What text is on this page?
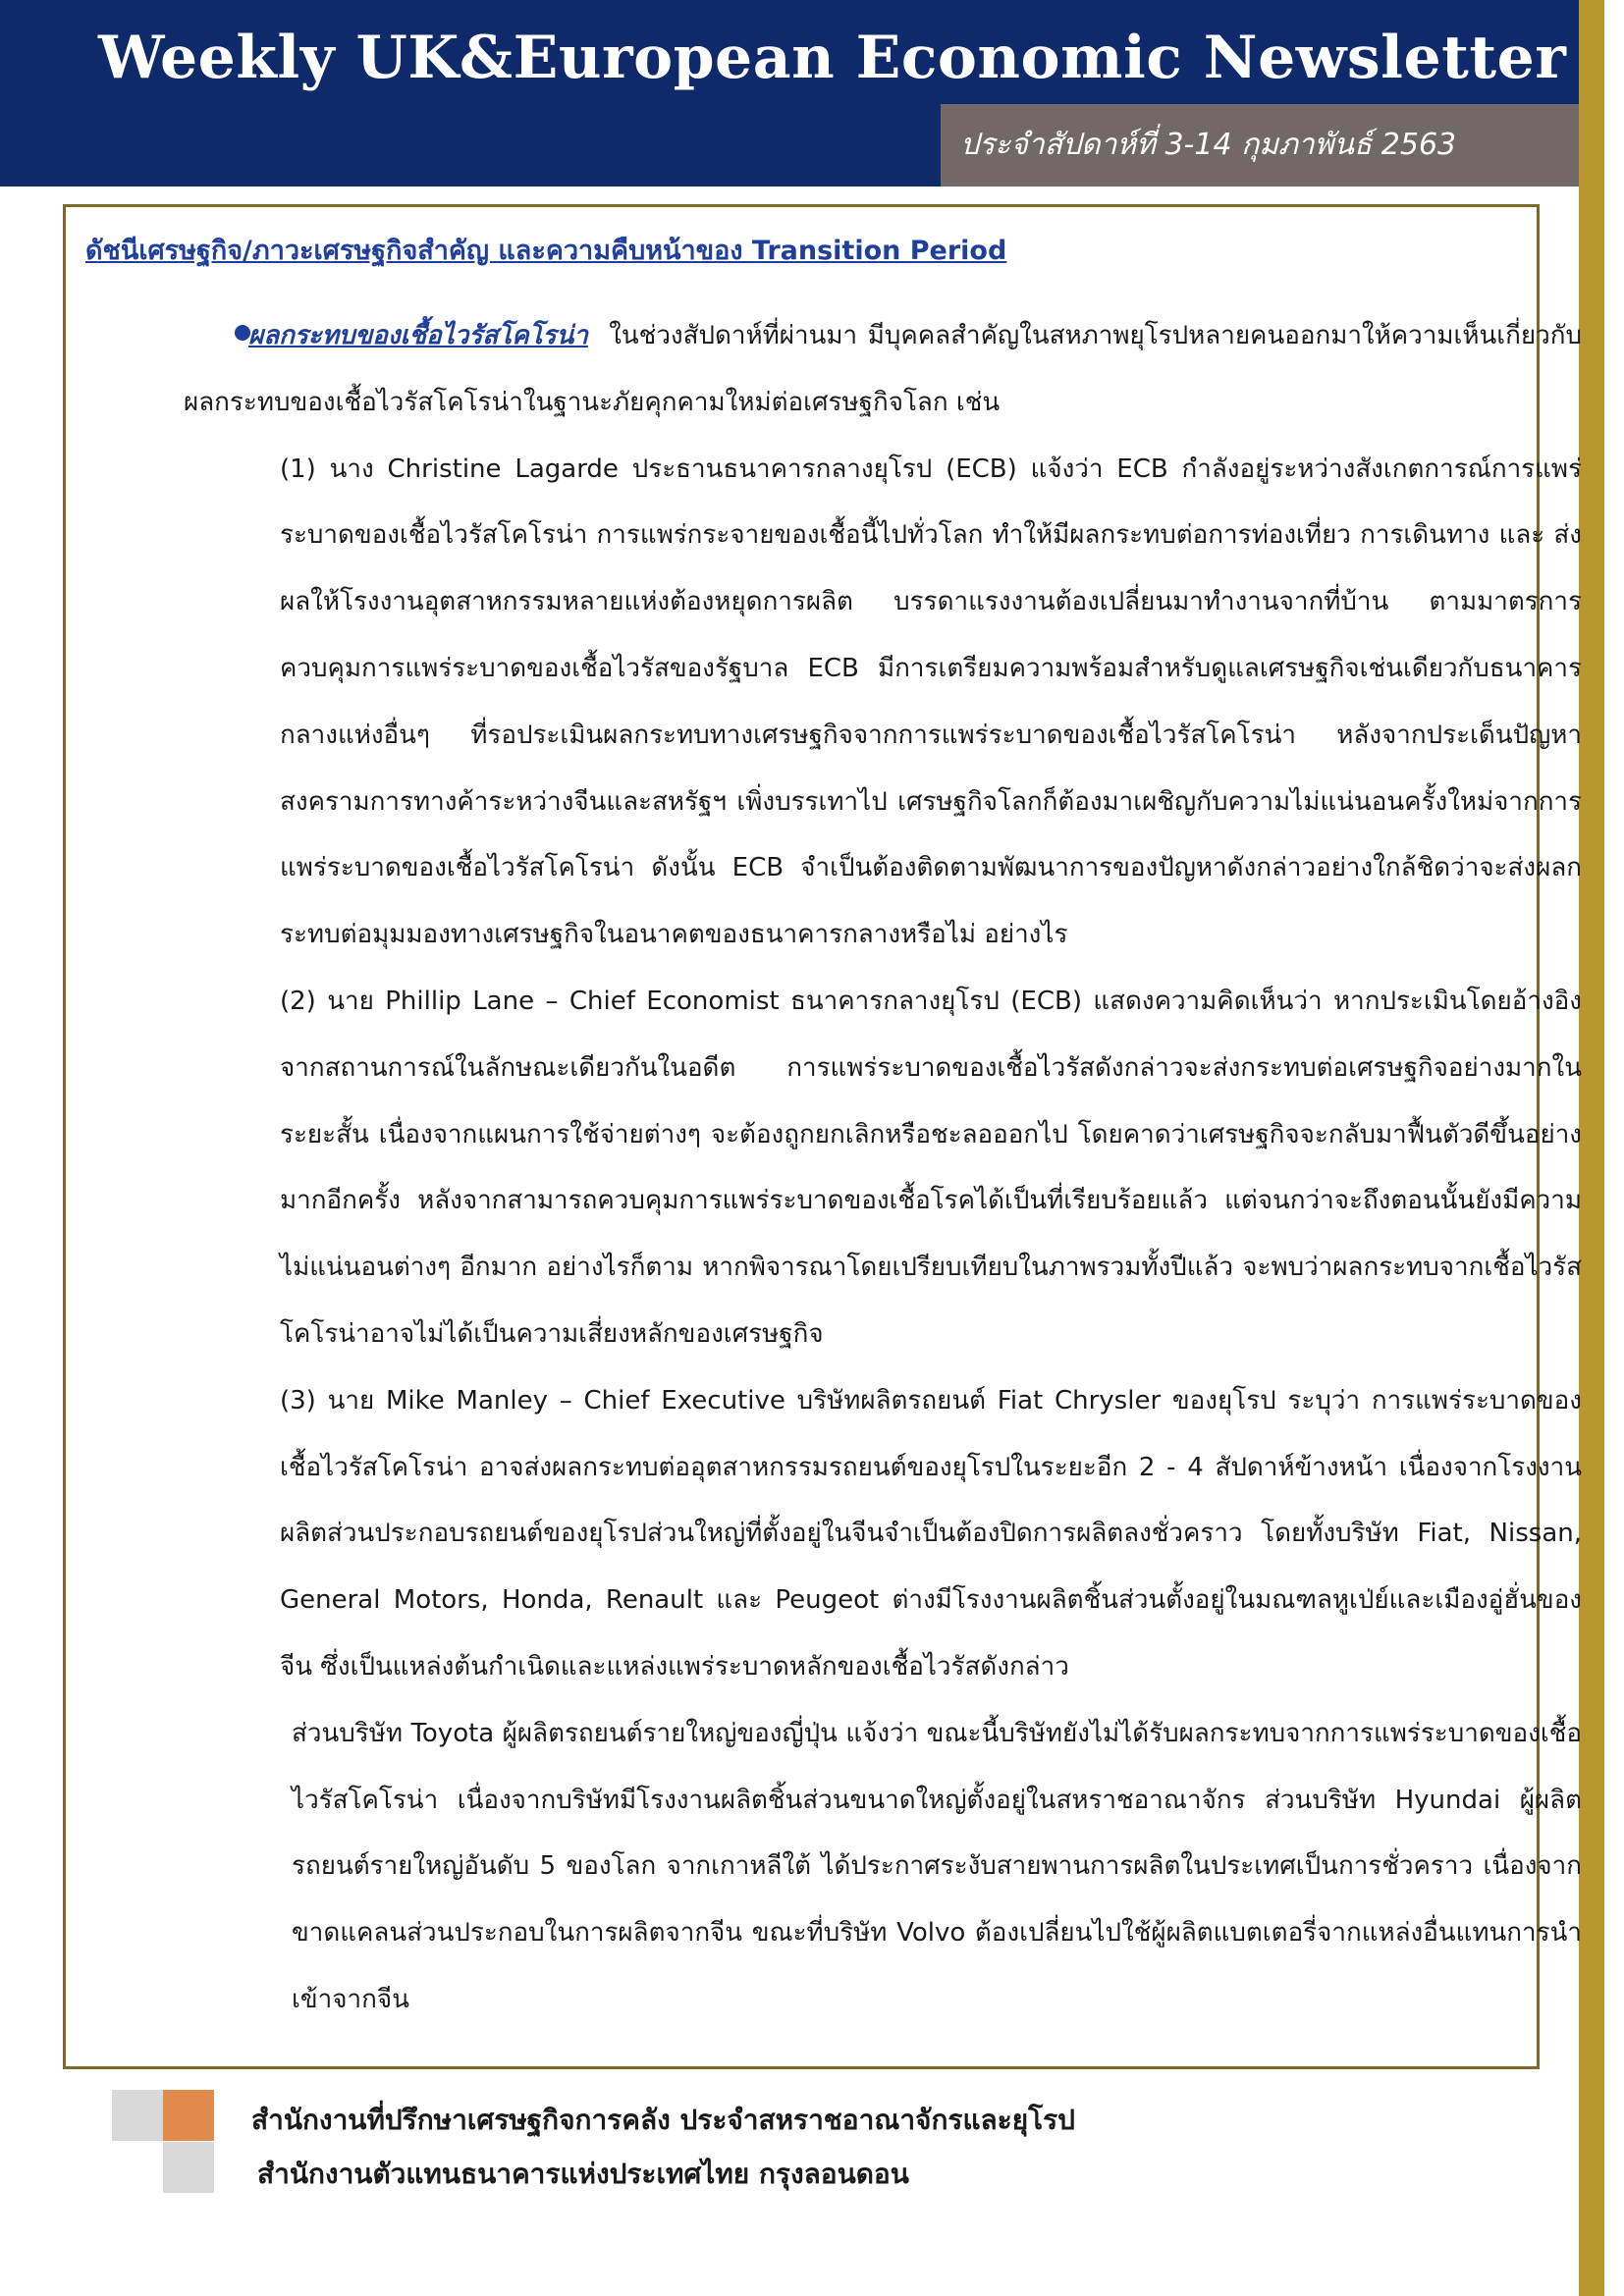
Weekly UK&European Economic Newsletter
ประจำสัปดาห์ที่ 3-14 กุมภาพันธ์ 2563
ดัชนีเศรษฐกิจ/ภาวะเศรษฐกิจสำคัญ และความคืบหน้าของ Transition Period

ผลกระทบของเชื้อไวรัสโคโรน่า ในช่วงสัปดาห์ที่ผ่านมา มีบุคคลสำคัญในสหภาพยุโรปหลายคนออกมาให้ความเห็นเกี่ยวกับผลกระทบของเชื้อไวรัสโคโรน่าในฐานะภัยคุกคามใหม่ต่อเศรษฐกิจโลก เช่น

(1) นาง Christine Lagarde ประธานธนาคารกลางยุโรป (ECB) แจ้งว่า ECB กำลังอยู่ระหว่างสังเกตการณ์การแพร่ระบาดของเชื้อไวรัสโคโรน่า การแพร่กระจายของเชื้อนี้ไปทั่วโลก ทำให้มีผลกระทบต่อการท่องเที่ยว การเดินทาง และ ส่งผลให้โรงงานอุตสาหกรรมหลายแห่งต้องหยุดการผลิต บรรดาแรงงานต้องเปลี่ยนมาทำงานจากที่บ้าน ตามมาตรการควบคุมการแพร่ระบาดของเชื้อไวรัสของรัฐบาล ECB มีการเตรียมความพร้อมสำหรับดูแลเศรษฐกิจเช่นเดียวกับธนาคารกลางแห่งอื่นๆ ที่รอประเมินผลกระทบทางเศรษฐกิจจากการแพร่ระบาดของเชื้อไวรัสโคโรน่า หลังจากประเด็นปัญหาสงครามการทางค้าระหว่างจีนและสหรัฐฯ เพิ่งบรรเทาไป เศรษฐกิจโลกก็ต้องมาเผชิญกับความไม่แน่นอนครั้งใหม่จากการแพร่ระบาดของเชื้อไวรัสโคโรน่า ดังนั้น ECB จำเป็นต้องติดตามพัฒนาการของปัญหาดังกล่าวอย่างใกล้ชิดว่าจะส่งผลกระทบต่อมุมมองทางเศรษฐกิจในอนาคตของธนาคารกลางหรือไม่ อย่างไร

(2) นาย Phillip Lane – Chief Economist ธนาคารกลางยุโรป (ECB) แสดงความคิดเห็นว่า หากประเมินโดยอ้างอิงจากสถานการณ์ในลักษณะเดียวกันในอดีต การแพร่ระบาดของเชื้อไวรัสดังกล่าวจะส่งกระทบต่อเศรษฐกิจอย่างมากในระยะสั้น เนื่องจากแผนการใช้จ่ายต่างๆ จะต้องถูกยกเลิกหรือชะลอออกไป โดยคาดว่าเศรษฐกิจจะกลับมาฟื้นตัวดีขึ้นอย่างมากอีกครั้ง หลังจากสามารถควบคุมการแพร่ระบาดของเชื้อโรคได้เป็นที่เรียบร้อยแล้ว แต่จนกว่าจะถึงตอนนั้นยังมีความไม่แน่นอนต่างๆ อีกมาก อย่างไรก็ตาม หากพิจารณาโดยเปรียบเทียบในภาพรวมทั้งปีแล้ว จะพบว่าผลกระทบจากเชื้อไวรัสโคโรน่าอาจไม่ได้เป็นความเสี่ยงหลักของเศรษฐกิจ

(3) นาย Mike Manley – Chief Executive บริษัทผลิตรถยนต์ Fiat Chrysler ของยุโรป ระบุว่า การแพร่ระบาดของเชื้อไวรัสโคโรน่า อาจส่งผลกระทบต่ออุตสาหกรรมรถยนต์ของยุโรปในระยะอีก 2 - 4 สัปดาห์ข้างหน้า เนื่องจากโรงงานผลิตส่วนประกอบรถยนต์ของยุโรปส่วนใหญ่ที่ตั้งอยู่ในจีนจำเป็นต้องปิดการผลิตลงชั่วคราว โดยทั้งบริษัท Fiat, Nissan, General Motors, Honda, Renault และ Peugeot ต่างมีโรงงานผลิตชิ้นส่วนตั้งอยู่ในมณฑลหูเป่ย์และเมืองอู่ฮั่นของจีน ซึ่งเป็นแหล่งต้นกำเนิดและแหล่งแพร่ระบาดหลักของเชื้อไวรัสดังกล่าว

ส่วนบริษัท Toyota ผู้ผลิตรถยนต์รายใหญ่ของญี่ปุ่น แจ้งว่า ขณะนี้บริษัทยังไม่ได้รับผลกระทบจากการแพร่ระบาดของเชื้อไวรัสโคโรน่า เนื่องจากบริษัทมีโรงงานผลิตชิ้นส่วนขนาดใหญ่ตั้งอยู่ในสหราชอาณาจักร ส่วนบริษัท Hyundai ผู้ผลิตรถยนต์รายใหญ่อันดับ 5 ของโลก จากเกาหลีใต้ ได้ประกาศระงับสายพานการผลิตในประเทศเป็นการชั่วคราว เนื่องจากขาดแคลนส่วนประกอบในการผลิตจากจีน ขณะที่บริษัท Volvo ต้องเปลี่ยนไปใช้ผู้ผลิตแบตเตอรี่จากแหล่งอื่นแทนการนำเข้าจากจีน

สำนักงานที่ปรึกษาเศรษฐกิจการคลัง ประจำสหราชอาณาจักรและยุโรป
สำนักงานตัวแทนธนาคารแห่งประเทศไทย กรุงลอนดอน
